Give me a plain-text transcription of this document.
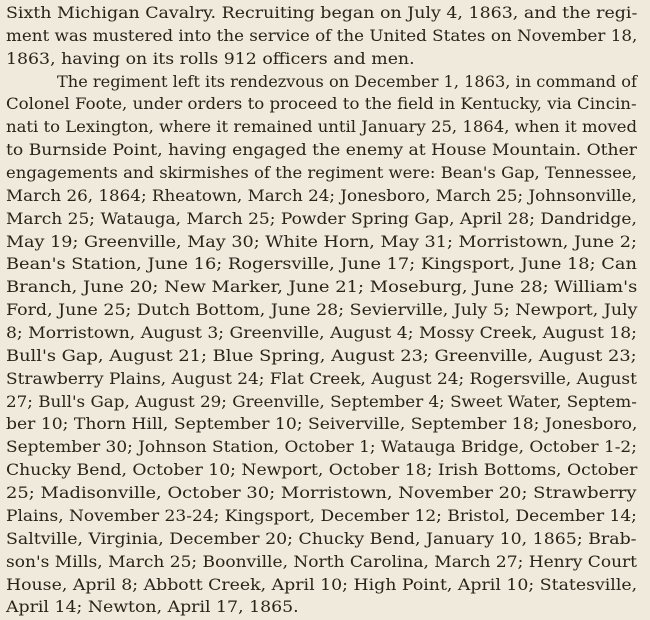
Sixth Michigan Cavalry. Recruiting began on July 4, 1863, and the regi-
ment was mustered into the service of the United States on November 18,
1863, having on its rolls 912 officers and men.
The regiment left its rendezvous on December 1, 1863, in command of
Colonel Foote, under orders to proceed to the field in Kentucky, via Cincin-
nati to Lexington, where it remained until January 25, 1864, when it moved
to Burnside Point, having engaged the enemy at House Mountain. Other
engagements and skirmishes of the regiment were: Bean's Gap, Tennessee,
March 26, 1864; Rheatown, March 24; Jonesboro, March 25; Johnsonville,
March 25; Watauga, March 25; Powder Spring Gap, April 28; Dandridge,
May 19; Greenville, May 30; White Horn, May 31; Morristown, June 2;
Bean's Station, June 16; Rogersville, June 17; Kingsport, June 18; Can
Branch, June 20; New Marker, June 21; Moseburg, June 28; William's
Ford, June 25; Dutch Bottom, June 28; Sevierville, July 5; Newport, July
8; Morristown, August 3; Greenville, August 4; Mossy Creek, August 18;
Bull's Gap, August 21; Blue Spring, August 23; Greenville, August 23;
Strawberry Plains, August 24; Flat Creek, August 24; Rogersville, August
27; Bull's Gap, August 29; Greenville, September 4; Sweet Water, Septem-
ber 10; Thorn Hill, September 10; Seiverville, September 18; Jonesboro,
September 30; Johnson Station, October 1; Watauga Bridge, October 1-2;
Chucky Bend, October 10; Newport, October 18; Irish Bottoms, October
25; Madisonville, October 30; Morristown, November 20; Strawberry
Plains, November 23-24; Kingsport, December 12; Bristol, December 14;
Saltville, Virginia, December 20; Chucky Bend, January 10, 1865; Brab-
son's Mills, March 25; Boonville, North Carolina, March 27; Henry Court
House, April 8; Abbott Creek, April 10; High Point, April 10; Statesville,
April 14; Newton, April 17, 1865.
